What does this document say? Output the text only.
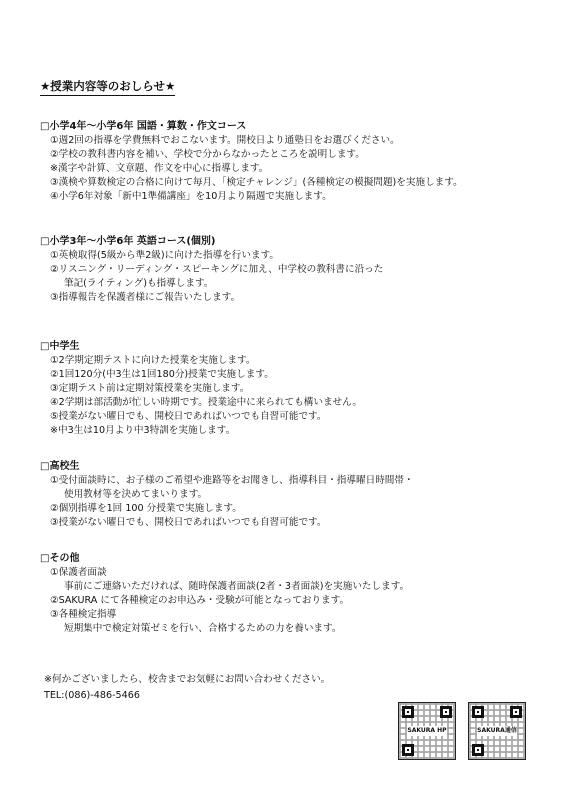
★授業内容等のおしらせ★
□小学4年～小学6年 国語・算数・作文コース
①週2回の指導を学費無料でおこないます。開校日より通塾日をお選びください。
②学校の教科書内容を補い、学校で分からなかったところを説明します。
※漢字や計算、文章題、作文を中心に指導します。
③漢検や算数検定の合格に向けて毎月、「検定チャレンジ」(各種検定の模擬問題)を実施します。
④小学6年対象「新中1準備講座」を10月より隔週で実施します。
□小学3年～小学6年 英語コース(個別)
①英検取得(5級から準2級)に向けた指導を行います。
②リスニング・リーディング・スピーキングに加え、中学校の教科書に沿った
筆記(ライティング)も指導します。
③指導報告を保護者様にご報告いたします。
□中学生
①2学期定期テストに向けた授業を実施します。
②1回120分(中3生は1回180分)授業で実施します。
③定期テスト前は定期対策授業を実施します。
④2学期は部活動が忙しい時期です。授業途中に来られても構いません。
⑤授業がない曜日でも、開校日であればいつでも自習可能です。
※中3生は10月より中3特訓を実施します。
□高校生
①受付面談時に、お子様のご希望や進路等をお聞きし、指導科目・指導曜日時間帯・
使用教材等を決めてまいります。
②個別指導を1回 100 分授業で実施します。
③授業がない曜日でも、開校日であればいつでも自習可能です。
□その他
①保護者面談
事前にご連絡いただければ、随時保護者面談(2者・3者面談)を実施いたします。
②SAKURA にて各種検定のお申込み・受験が可能となっております。
③各種検定指導
短期集中で検定対策ゼミを行い、合格するための力を養います。
※何かございましたら、校舎までお気軽にお問い合わせください。
TEL:(086)-486-5466
SAKURA HP	SAKURA通信
